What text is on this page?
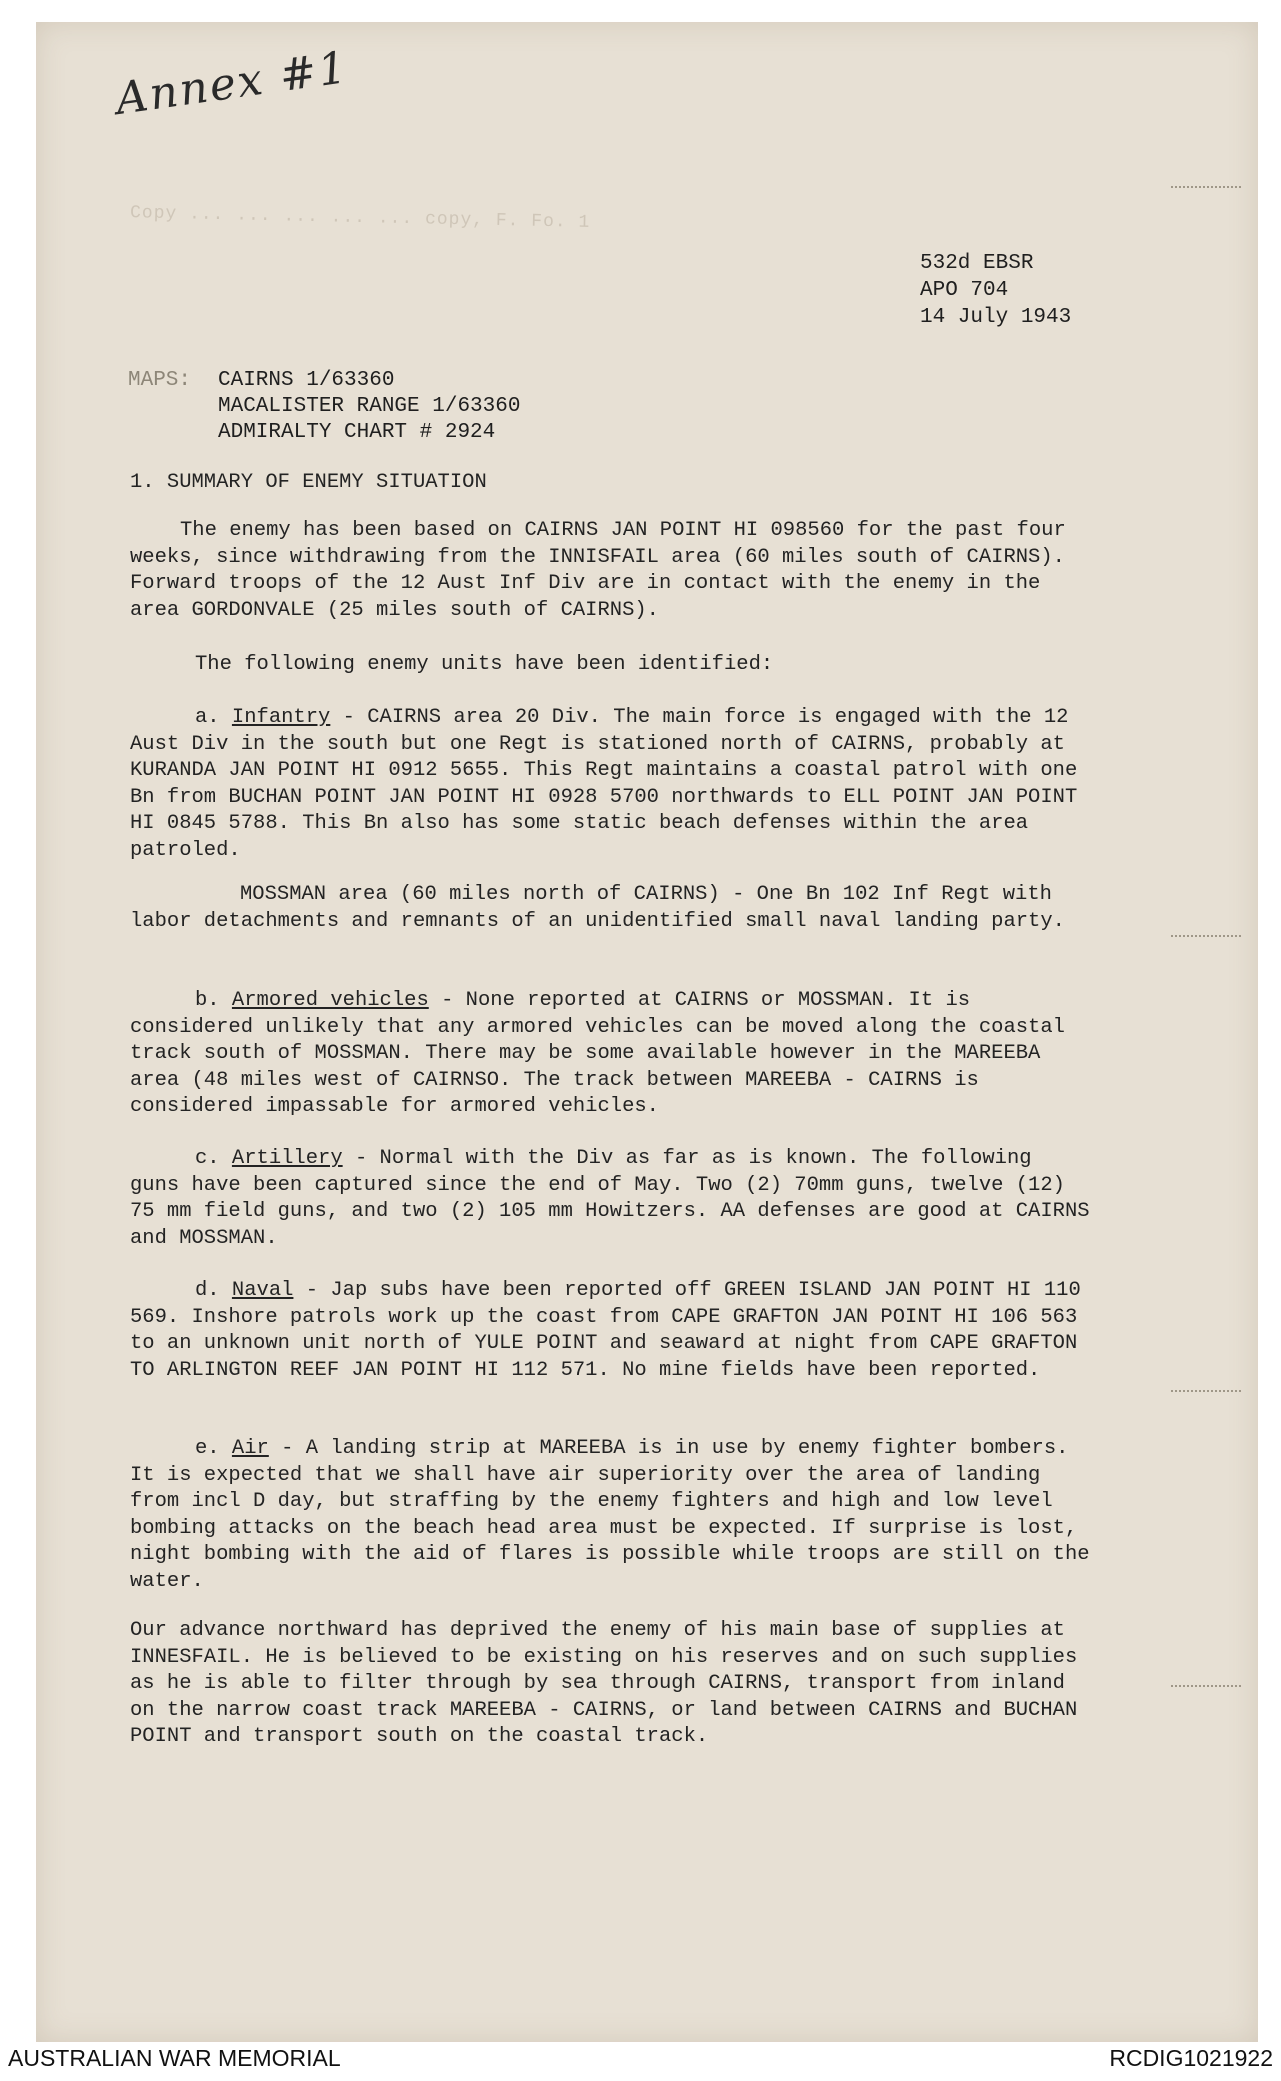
Annex #1
Copy ... ... ... ... ... copy, F. Fo. 1
532d EBSR
APO 704
14 July 1943
MAPS: CAIRNS 1/63360
MACALISTER RANGE 1/63360
ADMIRALTY CHART # 2924
1. SUMMARY OF ENEMY SITUATION
The enemy has been based on CAIRNS JAN POINT HI 098560 for the past four weeks, since withdrawing from the INNISFAIL area (60 miles south of CAIRNS). Forward troops of the 12 Aust Inf Div are in contact with the enemy in the area GORDONVALE (25 miles south of CAIRNS).
The following enemy units have been identified:

a. Infantry - CAIRNS area 20 Div. The main force is engaged with the 12 Aust Div in the south but one Regt is stationed north of CAIRNS, probably at KURANDA JAN POINT HI 0912 5655. This Regt maintains a coastal patrol with one Bn from BUCHAN POINT JAN POINT HI 0928 5700 northwards to ELL POINT JAN POINT HI 0845 5788. This Bn also has some static beach defenses within the area patroled.

MOSSMAN area (60 miles north of CAIRNS) - One Bn 102 Inf Regt with labor detachments and remnants of an unidentified small naval landing party.

b. Armored vehicles - None reported at CAIRNS or MOSSMAN. It is considered unlikely that any armored vehicles can be moved along the coastal track south of MOSSMAN. There may be some available however in the MAREEBA area (48 miles west of CAIRNSO. The track between MAREEBA - CAIRNS is considered impassable for armored vehicles.

c. Artillery - Normal with the Div as far as is known. The following guns have been captured since the end of May. Two (2) 70mm guns, twelve (12) 75 mm field guns, and two (2) 105 mm Howitzers. AA defenses are good at CAIRNS and MOSSMAN.

d. Naval - Jap subs have been reported off GREEN ISLAND JAN POINT HI 110 569. Inshore patrols work up the coast from CAPE GRAFTON JAN POINT HI 106 563 to an unknown unit north of YULE POINT and seaward at night from CAPE GRAFTON TO ARLINGTON REEF JAN POINT HI 112 571. No mine fields have been reported.

e. Air - A landing strip at MAREEBA is in use by enemy fighter bombers. It is expected that we shall have air superiority over the area of landing from incl D day, but straffing by the enemy fighters and high and low level bombing attacks on the beach head area must be expected. If surprise is lost, night bombing with the aid of flares is possible while troops are still on the water.

Our advance northward has deprived the enemy of his main base of supplies at INNESFAIL. He is believed to be existing on his reserves and on such supplies as he is able to filter through by sea through CAIRNS, transport from inland on the narrow coast track MAREEBA - CAIRNS, or land between CAIRNS and BUCHAN POINT and transport south on the coastal track.
AUSTRALIAN WAR MEMORIAL	RCDIG1021922
